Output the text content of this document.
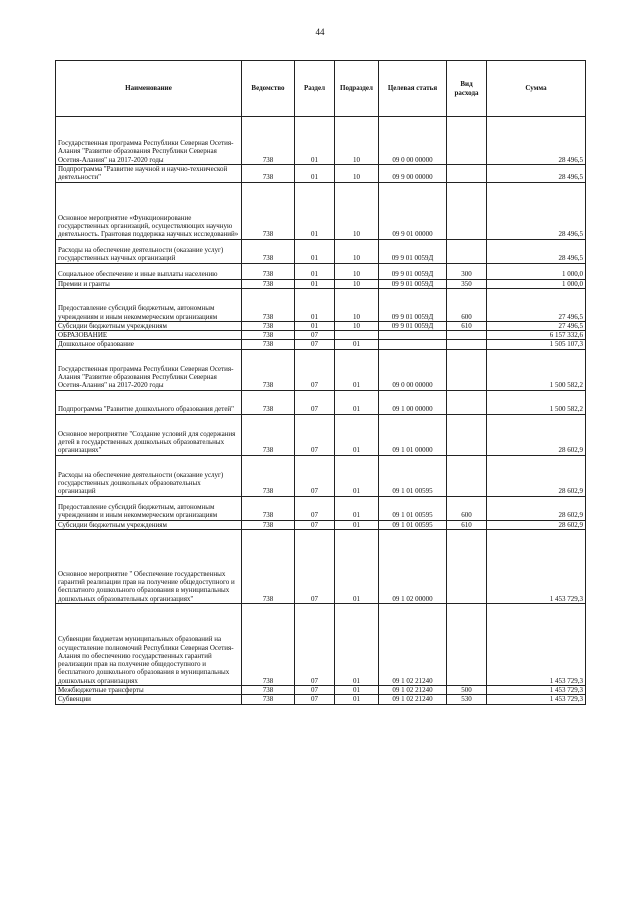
44
Наименование	Ведомство	Раздел	Подраздел	Целевая статья	Вид расхода	Сумма
Государственная программа Республики Северная Осетия-Алания "Развитие образования Республики Северная Осетия-Алания" на 2017-2020 годы	738	01	10	09 0 00 00000		28 496,5
Подпрограмма "Развитие научной и научно-технической деятельности"	738	01	10	09 9 00 00000		28 496,5
Основное мероприятие «Функционирование государственных организаций, осуществляющих научную деятельность. Грантовая поддержка научных исследований»	738	01	10	09 9 01 00000		28 496,5
Расходы на обеспечение деятельности (оказание услуг) государственных научных организаций	738	01	10	09 9 01 0059Д		28 496,5
Социальное обеспечение и иные выплаты населению	738	01	10	09 9 01 0059Д	300	1 000,0
Премии и гранты	738	01	10	09 9 01 0059Д	350	1 000,0
Предоставление субсидий бюджетным, автономным учреждениям и иным некоммерческим организациям	738	01	10	09 9 01 0059Д	600	27 496,5
Субсидии бюджетным учреждениям	738	01	10	09 9 01 0059Д	610	27 496,5
ОБРАЗОВАНИЕ	738	07				6 157 332,6
Дошкольное образование	738	07	01			1 505 107,3
Государственная программа Республики Северная Осетия-Алания "Развитие образования Республики Северная Осетия-Алания" на 2017-2020 годы	738	07	01	09 0 00 00000		1 500 582,2
Подпрограмма "Развитие дошкольного образования детей"	738	07	01	09 1 00 00000		1 500 582,2
Основное мероприятие "Создание условий для содержания детей в государственных дошкольных образовательных организациях"	738	07	01	09 1 01 00000		28 602,9
Расходы на обеспечение деятельности (оказание услуг) государственных дошкольных образовательных организаций	738	07	01	09 1 01 00595		28 602,9
Предоставление субсидий бюджетным, автономным учреждениям и иным некоммерческим организациям	738	07	01	09 1 01 00595	600	28 602,9
Субсидии бюджетным учреждениям	738	07	01	09 1 01 00595	610	28 602,9
Основное мероприятие " Обеспечение государственных гарантий реализации прав на получение общедоступного и бесплатного дошкольного образования в муниципальных дошкольных образовательных организациях"	738	07	01	09 1 02 00000		1 453 729,3
Субвенции бюджетам муниципальных образований на осуществление полномочий Республики Северная Осетия-Алания по обеспечению государственных гарантий реализации прав на получение общедоступного и бесплатного дошкольного образования в муниципальных дошкольных организациях	738	07	01	09 1 02 21240		1 453 729,3
Межбюджетные трансферты	738	07	01	09 1 02 21240	500	1 453 729,3
Субвенции	738	07	01	09 1 02 21240	530	1 453 729,3
